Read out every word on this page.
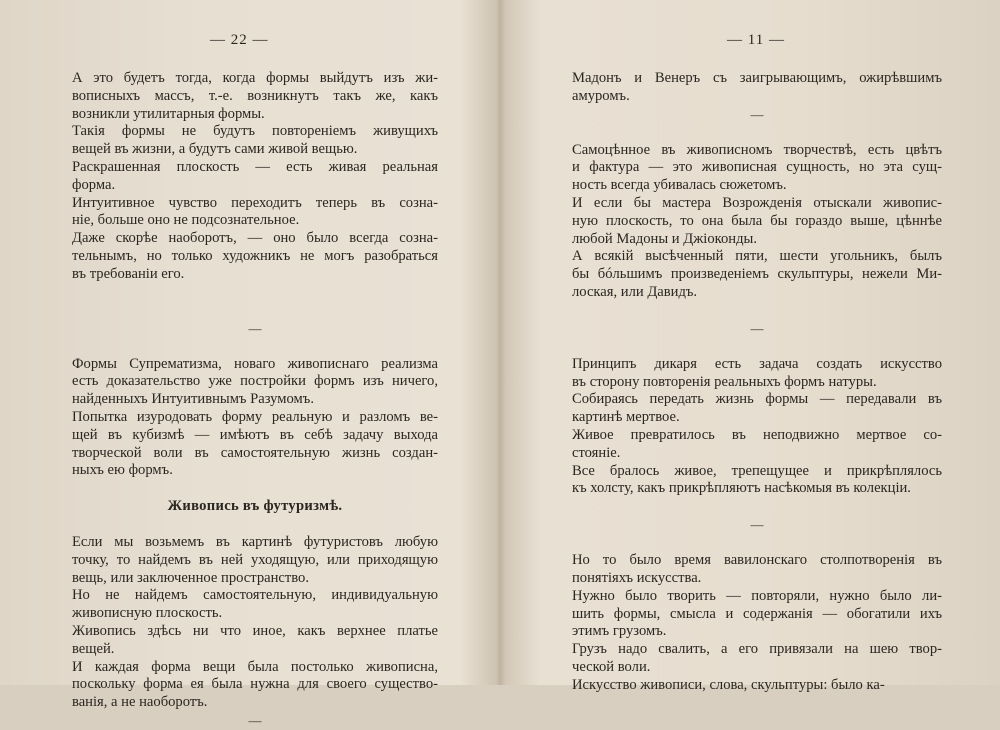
— 22 —
А это будетъ тогда, когда формы выйдутъ изъ жи-
вописныхъ массъ, т.-е. возникнутъ такъ же, какъ
возникли утилитарныя формы.
Такія формы не будутъ повтореніемъ живущихъ
вещей въ жизни, а будутъ сами живой вещью.
Раскрашенная плоскость — есть живая реальная
форма.
Интуитивное чувство переходитъ теперь въ созна-
ніе, больше оно не подсознательное.
Даже скорѣе наоборотъ, — оно было всегда созна-
тельнымъ, но только художникъ не могъ разобраться
въ требованіи его.
—
Формы Супрематизма, новаго живописнаго реализма
есть доказательство уже постройки формъ изъ ничего,
найденныхъ Интуитивнымъ Разумомъ.
Попытка изуродовать форму реальную и разломъ ве-
щей въ кубизмѣ — имѣютъ въ себѣ задачу выхода
творческой воли въ самостоятельную жизнь создан-
ныхъ ею формъ.
Живопись въ футуризмѣ.
Если мы возьмемъ въ картинѣ футуристовъ любую
точку, то найдемъ въ ней уходящую, или приходящую
вещь, или заключенное пространство.
Но не найдемъ самостоятельную, индивидуальную
живописную плоскость.
Живопись здѣсь ни что иное, какъ верхнее платье
вещей.
И каждая форма вещи была постолько живописна,
поскольку форма ея была нужна для своего существо-
ванія, а не наоборотъ.
—
— 11 —
Мадонъ и Венеръ съ заигрывающимъ, ожирѣвшимъ
амуромъ.
—
Самоцѣнное въ живописномъ творчествѣ, есть цвѣтъ
и фактура — это живописная сущность, но эта сущ-
ность всегда убивалась сюжетомъ.
И если бы мастера Возрожденія отыскали живопис-
ную плоскость, то она была бы гораздо выше, цѣннѣе
любой Мадоны и Джіоконды.
А всякій высѣченный пяти, шести угольникъ, былъ
бы бóльшимъ произведеніемъ скульптуры, нежели Ми-
лоская, или Давидъ.
—
Принципъ дикаря есть задача создать искусство
въ сторону повторенія реальныхъ формъ натуры.
Собираясь передать жизнь формы — передавали въ
картинѣ мертвое.
Живое превратилось въ неподвижно мертвое со-
стояніе.
Все бралось живое, трепещущее и прикрѣплялось
къ холсту, какъ прикрѣпляютъ насѣкомыя въ колекціи.
—
Но то было время вавилонскаго столпотворенія въ
понятіяхъ искусства.
Нужно было творить — повторяли, нужно было ли-
шить формы, смысла и содержанія — обогатили ихъ
этимъ грузомъ.
Грузъ надо свалить, а его привязали на шею твор-
ческой воли.
Искусство живописи, слова, скульптуры: было ка-
